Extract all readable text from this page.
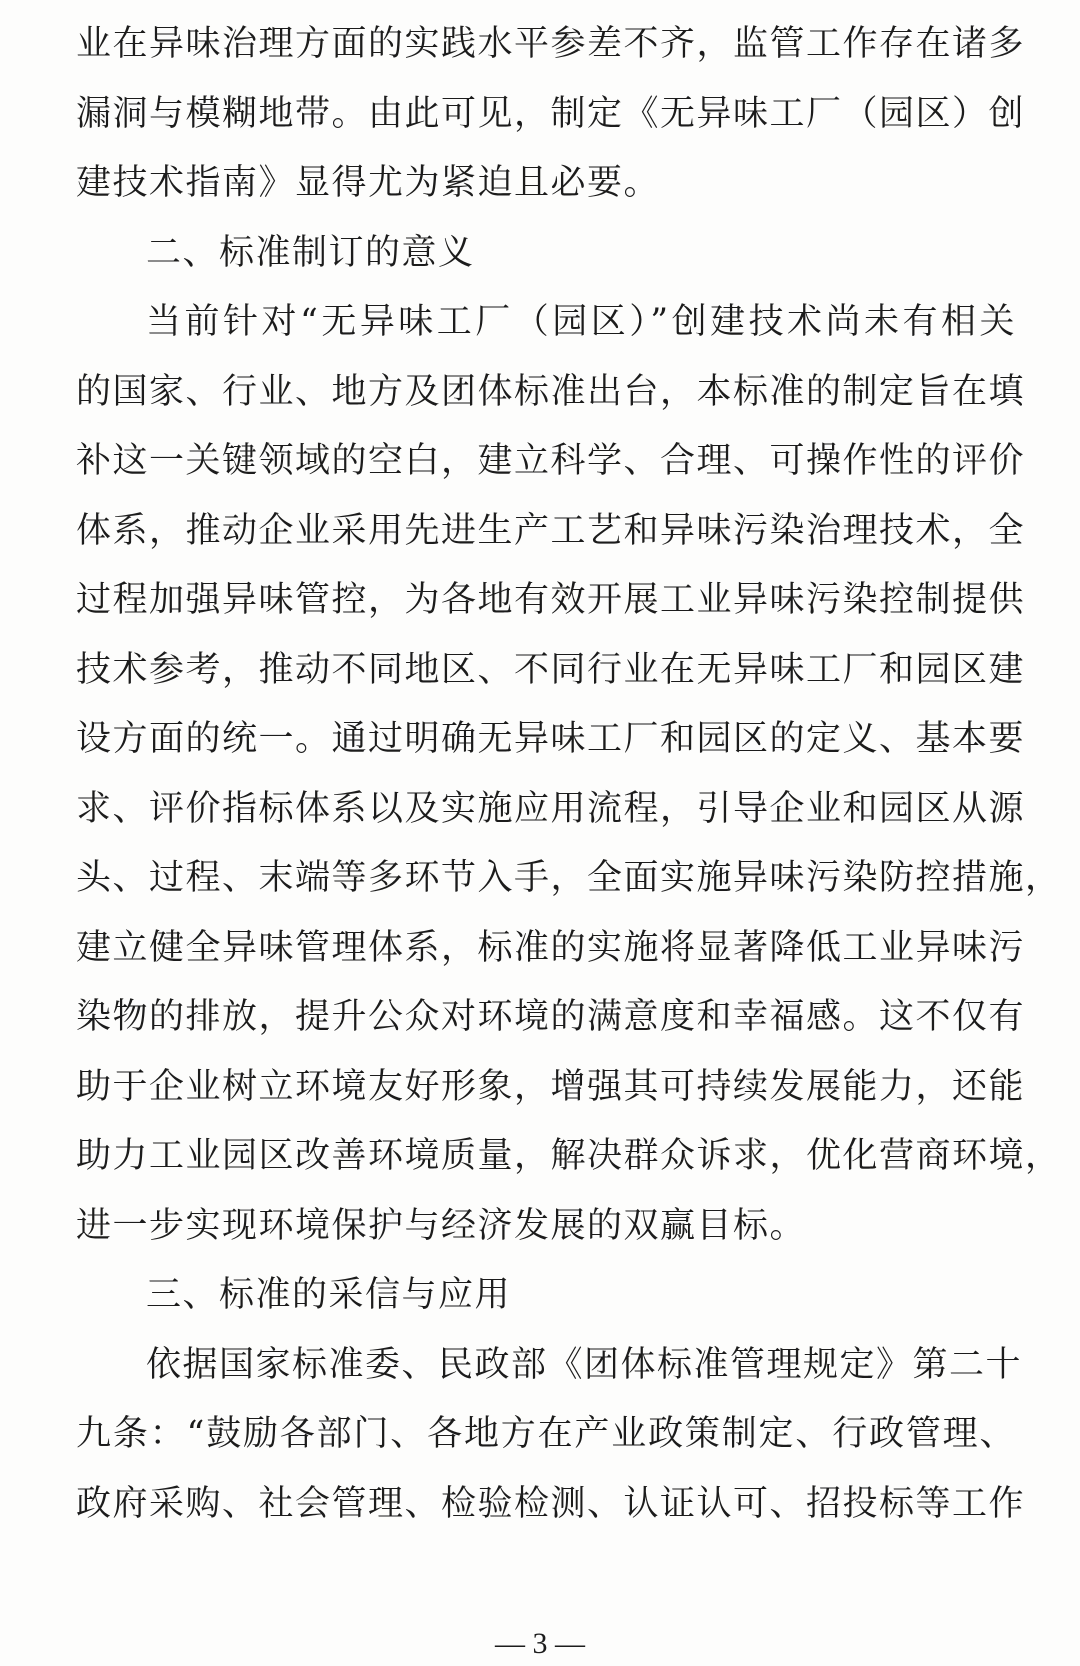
业在异味治理方面的实践水平参差不齐，监管工作存在诸多
漏洞与模糊地带。由此可见，制定《无异味工厂（园区）创
建技术指南》显得尤为紧迫且必要。
二、标准制订的意义
当前针对“无异味工厂（园区）”创建技术尚未有相关
的国家、行业、地方及团体标准出台，本标准的制定旨在填
补这一关键领域的空白，建立科学、合理、可操作性的评价
体系，推动企业采用先进生产工艺和异味污染治理技术，全
过程加强异味管控，为各地有效开展工业异味污染控制提供
技术参考，推动不同地区、不同行业在无异味工厂和园区建
设方面的统一。通过明确无异味工厂和园区的定义、基本要
求、评价指标体系以及实施应用流程，引导企业和园区从源
头、过程、末端等多环节入手，全面实施异味污染防控措施，
建立健全异味管理体系，标准的实施将显著降低工业异味污
染物的排放，提升公众对环境的满意度和幸福感。这不仅有
助于企业树立环境友好形象，增强其可持续发展能力，还能
助力工业园区改善环境质量，解决群众诉求，优化营商环境，
进一步实现环境保护与经济发展的双赢目标。
三、标准的采信与应用
依据国家标准委、民政部《团体标准管理规定》第二十
九条：“鼓励各部门、各地方在产业政策制定、行政管理、
政府采购、社会管理、检验检测、认证认可、招投标等工作
— 3 —
